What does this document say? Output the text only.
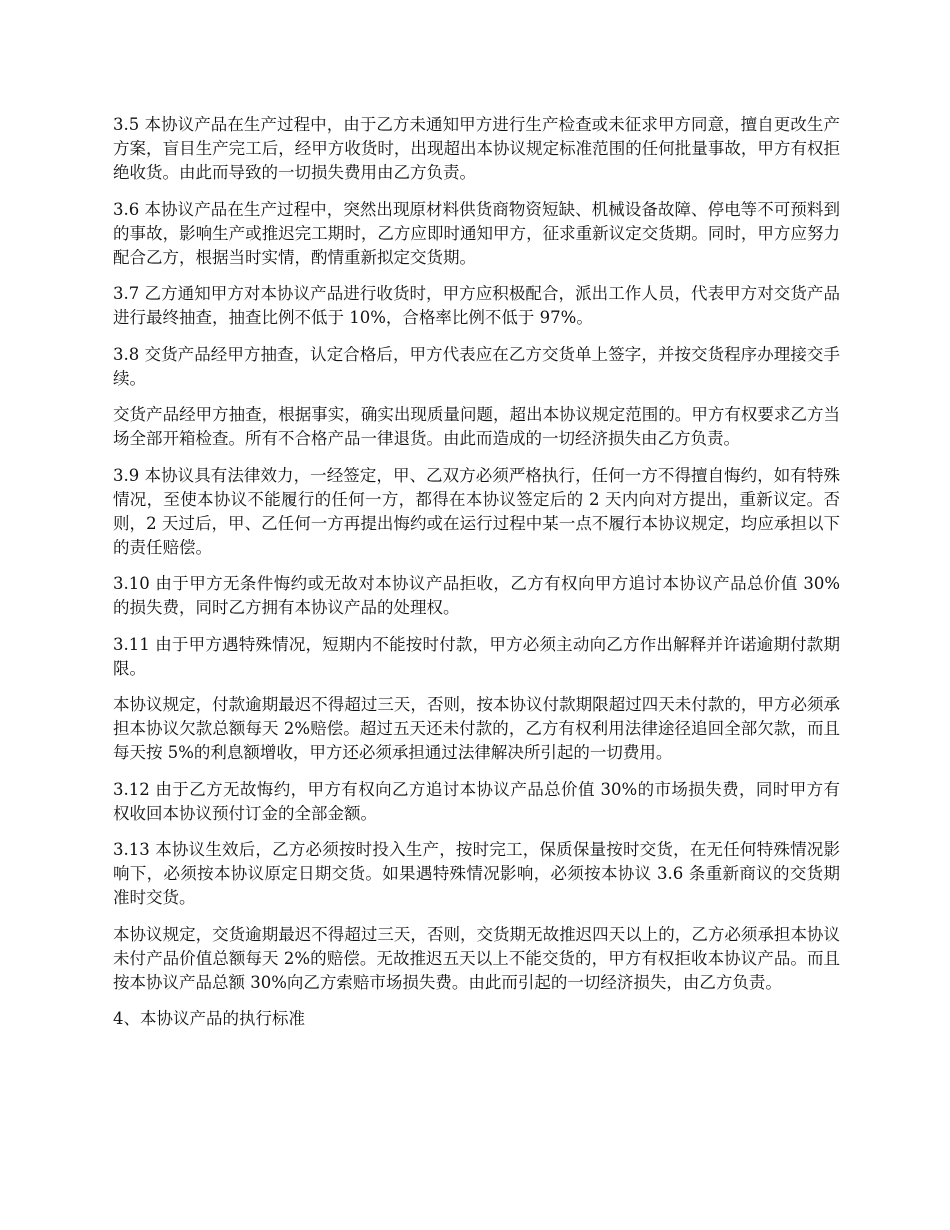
3.5 本协议产品在生产过程中，由于乙方未通知甲方进行生产检查或未征求甲方同意，擅自更改生产方案，盲目生产完工后，经甲方收货时，出现超出本协议规定标准范围的任何批量事故，甲方有权拒绝收货。由此而导致的一切损失费用由乙方负责。

3.6 本协议产品在生产过程中，突然出现原材料供货商物资短缺、机械设备故障、停电等不可预料到的事故，影响生产或推迟完工期时，乙方应即时通知甲方，征求重新议定交货期。同时，甲方应努力配合乙方，根据当时实情，酌情重新拟定交货期。

3.7 乙方通知甲方对本协议产品进行收货时，甲方应积极配合，派出工作人员，代表甲方对交货产品进行最终抽查，抽查比例不低于 10%，合格率比例不低于 97%。

3.8 交货产品经甲方抽查，认定合格后，甲方代表应在乙方交货单上签字，并按交货程序办理接交手续。

交货产品经甲方抽查，根据事实，确实出现质量问题，超出本协议规定范围的。甲方有权要求乙方当场全部开箱检查。所有不合格产品一律退货。由此而造成的一切经济损失由乙方负责。

3.9 本协议具有法律效力，一经签定，甲、乙双方必须严格执行，任何一方不得擅自悔约，如有特殊情况，至使本协议不能履行的任何一方，都得在本协议签定后的 2 天内向对方提出，重新议定。否则，2 天过后，甲、乙任何一方再提出悔约或在运行过程中某一点不履行本协议规定，均应承担以下的责任赔偿。

3.10 由于甲方无条件悔约或无故对本协议产品拒收，乙方有权向甲方追讨本协议产品总价值 30%的损失费，同时乙方拥有本协议产品的处理权。

3.11 由于甲方遇特殊情况，短期内不能按时付款，甲方必须主动向乙方作出解释并许诺逾期付款期限。

本协议规定，付款逾期最迟不得超过三天，否则，按本协议付款期限超过四天未付款的，甲方必须承担本协议欠款总额每天 2%赔偿。超过五天还未付款的，乙方有权利用法律途径追回全部欠款，而且每天按 5%的利息额增收，甲方还必须承担通过法律解决所引起的一切费用。

3.12 由于乙方无故悔约，甲方有权向乙方追讨本协议产品总价值 30%的市场损失费，同时甲方有权收回本协议预付订金的全部金额。

3.13 本协议生效后，乙方必须按时投入生产，按时完工，保质保量按时交货，在无任何特殊情况影响下，必须按本协议原定日期交货。如果遇特殊情况影响，必须按本协议 3.6 条重新商议的交货期准时交货。

本协议规定，交货逾期最迟不得超过三天，否则，交货期无故推迟四天以上的，乙方必须承担本协议未付产品价值总额每天 2%的赔偿。无故推迟五天以上不能交货的，甲方有权拒收本协议产品。而且按本协议产品总额 30%向乙方索赔市场损失费。由此而引起的一切经济损失，由乙方负责。

4、本协议产品的执行标准
